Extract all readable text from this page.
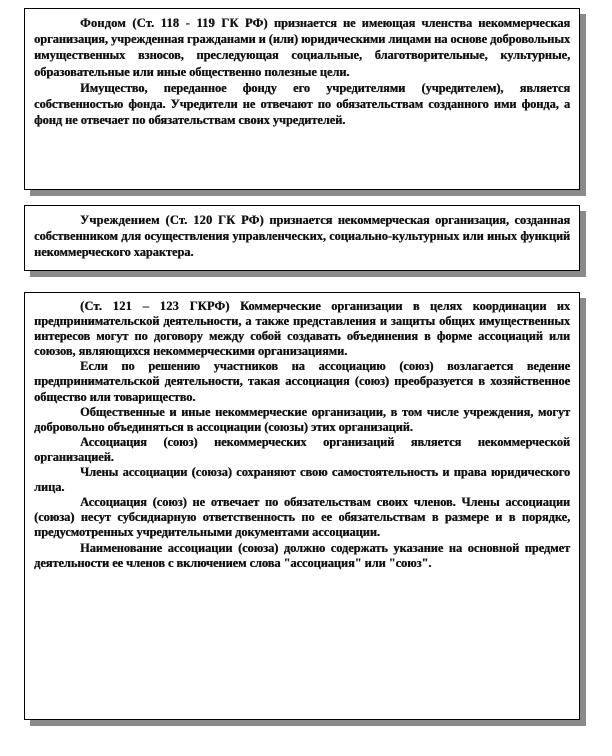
Фондом (Ст. 118 - 119 ГК РФ) признается не имеющая членства некоммерческая организация, учрежденная гражданами и (или) юридическими лицами на основе добровольных имущественных взносов, преследующая социальные, благотворительные, культурные, образовательные или иные общественно полезные цели.

Имущество, переданное фонду его учредителями (учредителем), является собственностью фонда. Учредители не отвечают по обязательствам созданного ими фонда, а фонд не отвечает по обязательствам своих учредителей.

Учреждением (Ст. 120 ГК РФ) признается некоммерческая организация, созданная собственником для осуществления управленческих, социально-культурных или иных функций некоммерческого характера.

(Ст. 121 – 123 ГКРФ) Коммерческие организации в целях координации их предпринимательской деятельности, а также представления и защиты общих имущественных интересов могут по договору между собой создавать объединения в форме ассоциаций или союзов, являющихся некоммерческими организациями.

Если по решению участников на ассоциацию (союз) возлагается ведение предпринимательской деятельности, такая ассоциация (союз) преобразуется в хозяйственное общество или товарищество.

Общественные и иные некоммерческие организации, в том числе учреждения, могут добровольно объединяться в ассоциации (союзы) этих организаций.

Ассоциация (союз) некоммерческих организаций является некоммерческой организацией.

Члены ассоциации (союза) сохраняют свою самостоятельность и права юридического лица.

Ассоциация (союз) не отвечает по обязательствам своих членов. Члены ассоциации (союза) несут субсидиарную ответственность по ее обязательствам в размере и в порядке, предусмотренных учредительными документами ассоциации.

Наименование ассоциации (союза) должно содержать указание на основной предмет деятельности ее членов с включением слова "ассоциация" или "союз".
